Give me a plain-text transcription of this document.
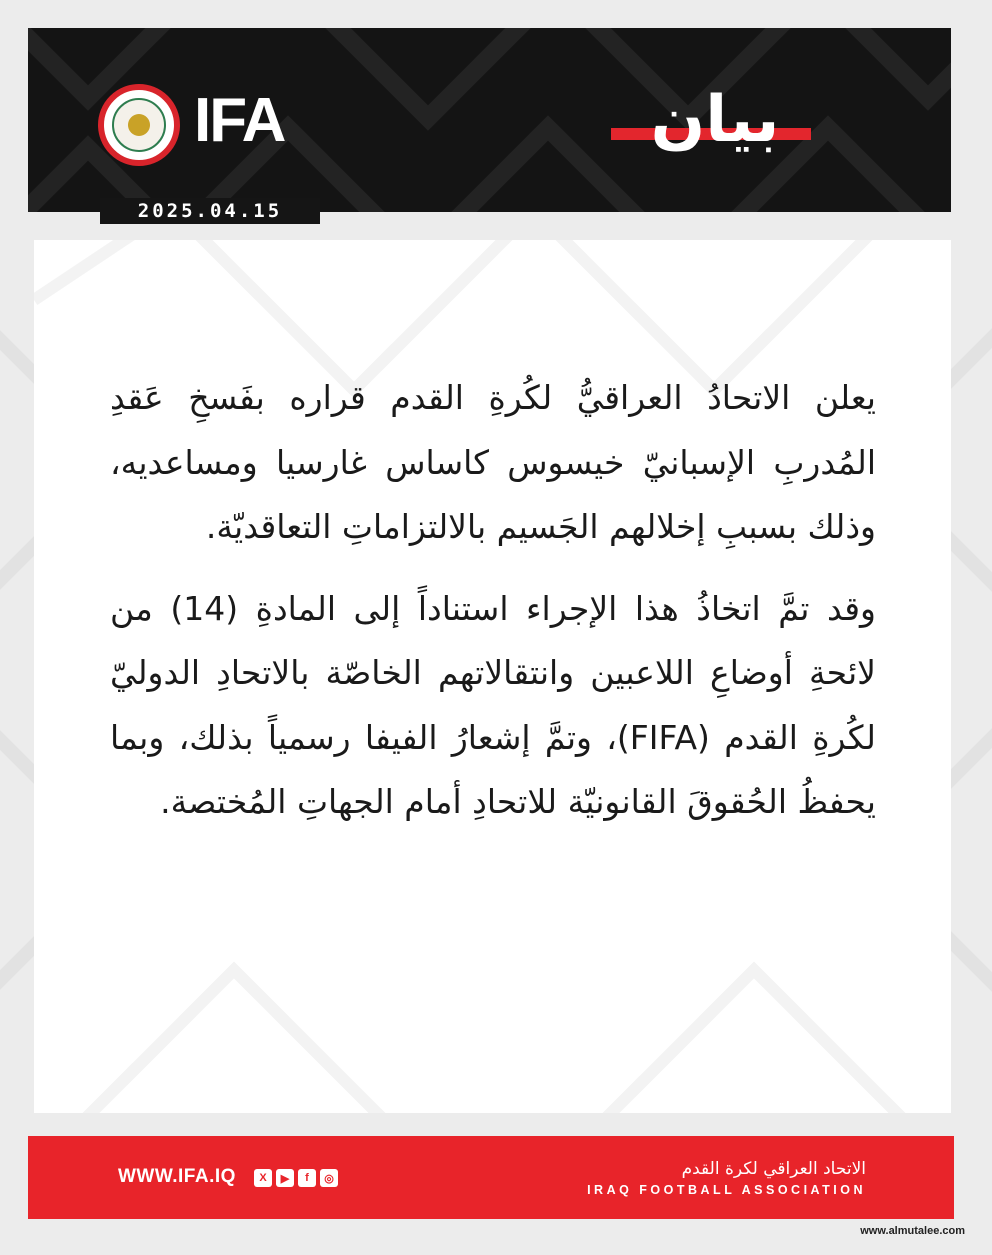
IFA	بيان
2025.04.15

يعلن الاتحادُ العراقيُّ لكُرةِ القدم قراره بفَسخِ عَقدِ المُدربِ الإسبانيّ خيسوس كاساس غارسيا ومساعديه، وذلك بسببِ إخلالهم الجَسيم بالالتزاماتِ التعاقديّة.

وقد تمَّ اتخاذُ هذا الإجراء استناداً إلى المادةِ (14) من لائحةِ أوضاعِ اللاعبين وانتقالاتهم الخاصّة بالاتحادِ الدوليّ لكُرةِ القدم (FIFA)، وتمَّ إشعارُ الفيفا رسمياً بذلك، وبما يحفظُ الحُقوقَ القانونيّة للاتحادِ أمام الجهاتِ المُختصة.

WWW.IFA.IQ	X	▶	f	◎	الاتحاد العراقي لكرة القدم
IRAQ FOOTBALL ASSOCIATION
www.almutalee.com
